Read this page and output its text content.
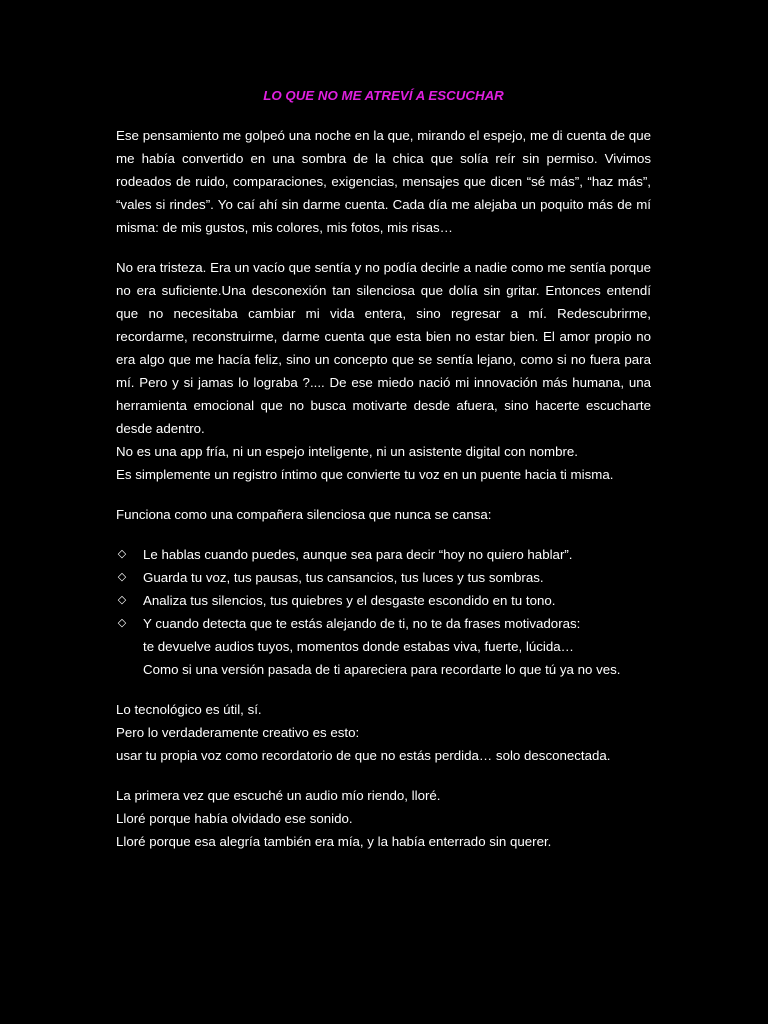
LO QUE NO ME ATREVÍ A ESCUCHAR

Ese pensamiento me golpeó una noche en la que, mirando el espejo, me di cuenta de que me había convertido en una sombra de la chica que solía reír sin permiso. Vivimos rodeados de ruido, comparaciones, exigencias, mensajes que dicen “sé más”, “haz más”, “vales si rindes”. Yo caí ahí sin darme cuenta. Cada día me alejaba un poquito más de mí misma: de mis gustos, mis colores, mis fotos, mis risas…

No era tristeza. Era un vacío que sentía y no podía decirle a nadie como me sentía porque no era suficiente.Una desconexión tan silenciosa que dolía sin gritar. Entonces entendí que no necesitaba cambiar mi vida entera, sino regresar a mí. Redescubrirme, recordarme, reconstruirme, darme cuenta que esta bien no estar bien. El amor propio no era algo que me hacía feliz, sino un concepto que se sentía lejano, como si no fuera para mí. Pero y si jamas lo lograba ?.... De ese miedo nació mi innovación más humana, una herramienta emocional que no busca motivarte desde afuera, sino hacerte escucharte desde adentro.
No es una app fría, ni un espejo inteligente, ni un asistente digital con nombre.
Es simplemente un registro íntimo que convierte tu voz en un puente hacia ti misma.

Funciona como una compañera silenciosa que nunca se cansa:

◇ Le hablas cuando puedes, aunque sea para decir “hoy no quiero hablar”.
◇ Guarda tu voz, tus pausas, tus cansancios, tus luces y tus sombras.
◇ Analiza tus silencios, tus quiebres y el desgaste escondido en tu tono.
◇ Y cuando detecta que te estás alejando de ti, no te da frases motivadoras:
te devuelve audios tuyos, momentos donde estabas viva, fuerte, lúcida…
Como si una versión pasada de ti apareciera para recordarte lo que tú ya no ves.
Lo tecnológico es útil, sí.
Pero lo verdaderamente creativo es esto:
usar tu propia voz como recordatorio de que no estás perdida… solo desconectada.
La primera vez que escuché un audio mío riendo, lloré.
Lloré porque había olvidado ese sonido.
Lloré porque esa alegría también era mía, y la había enterrado sin querer.
